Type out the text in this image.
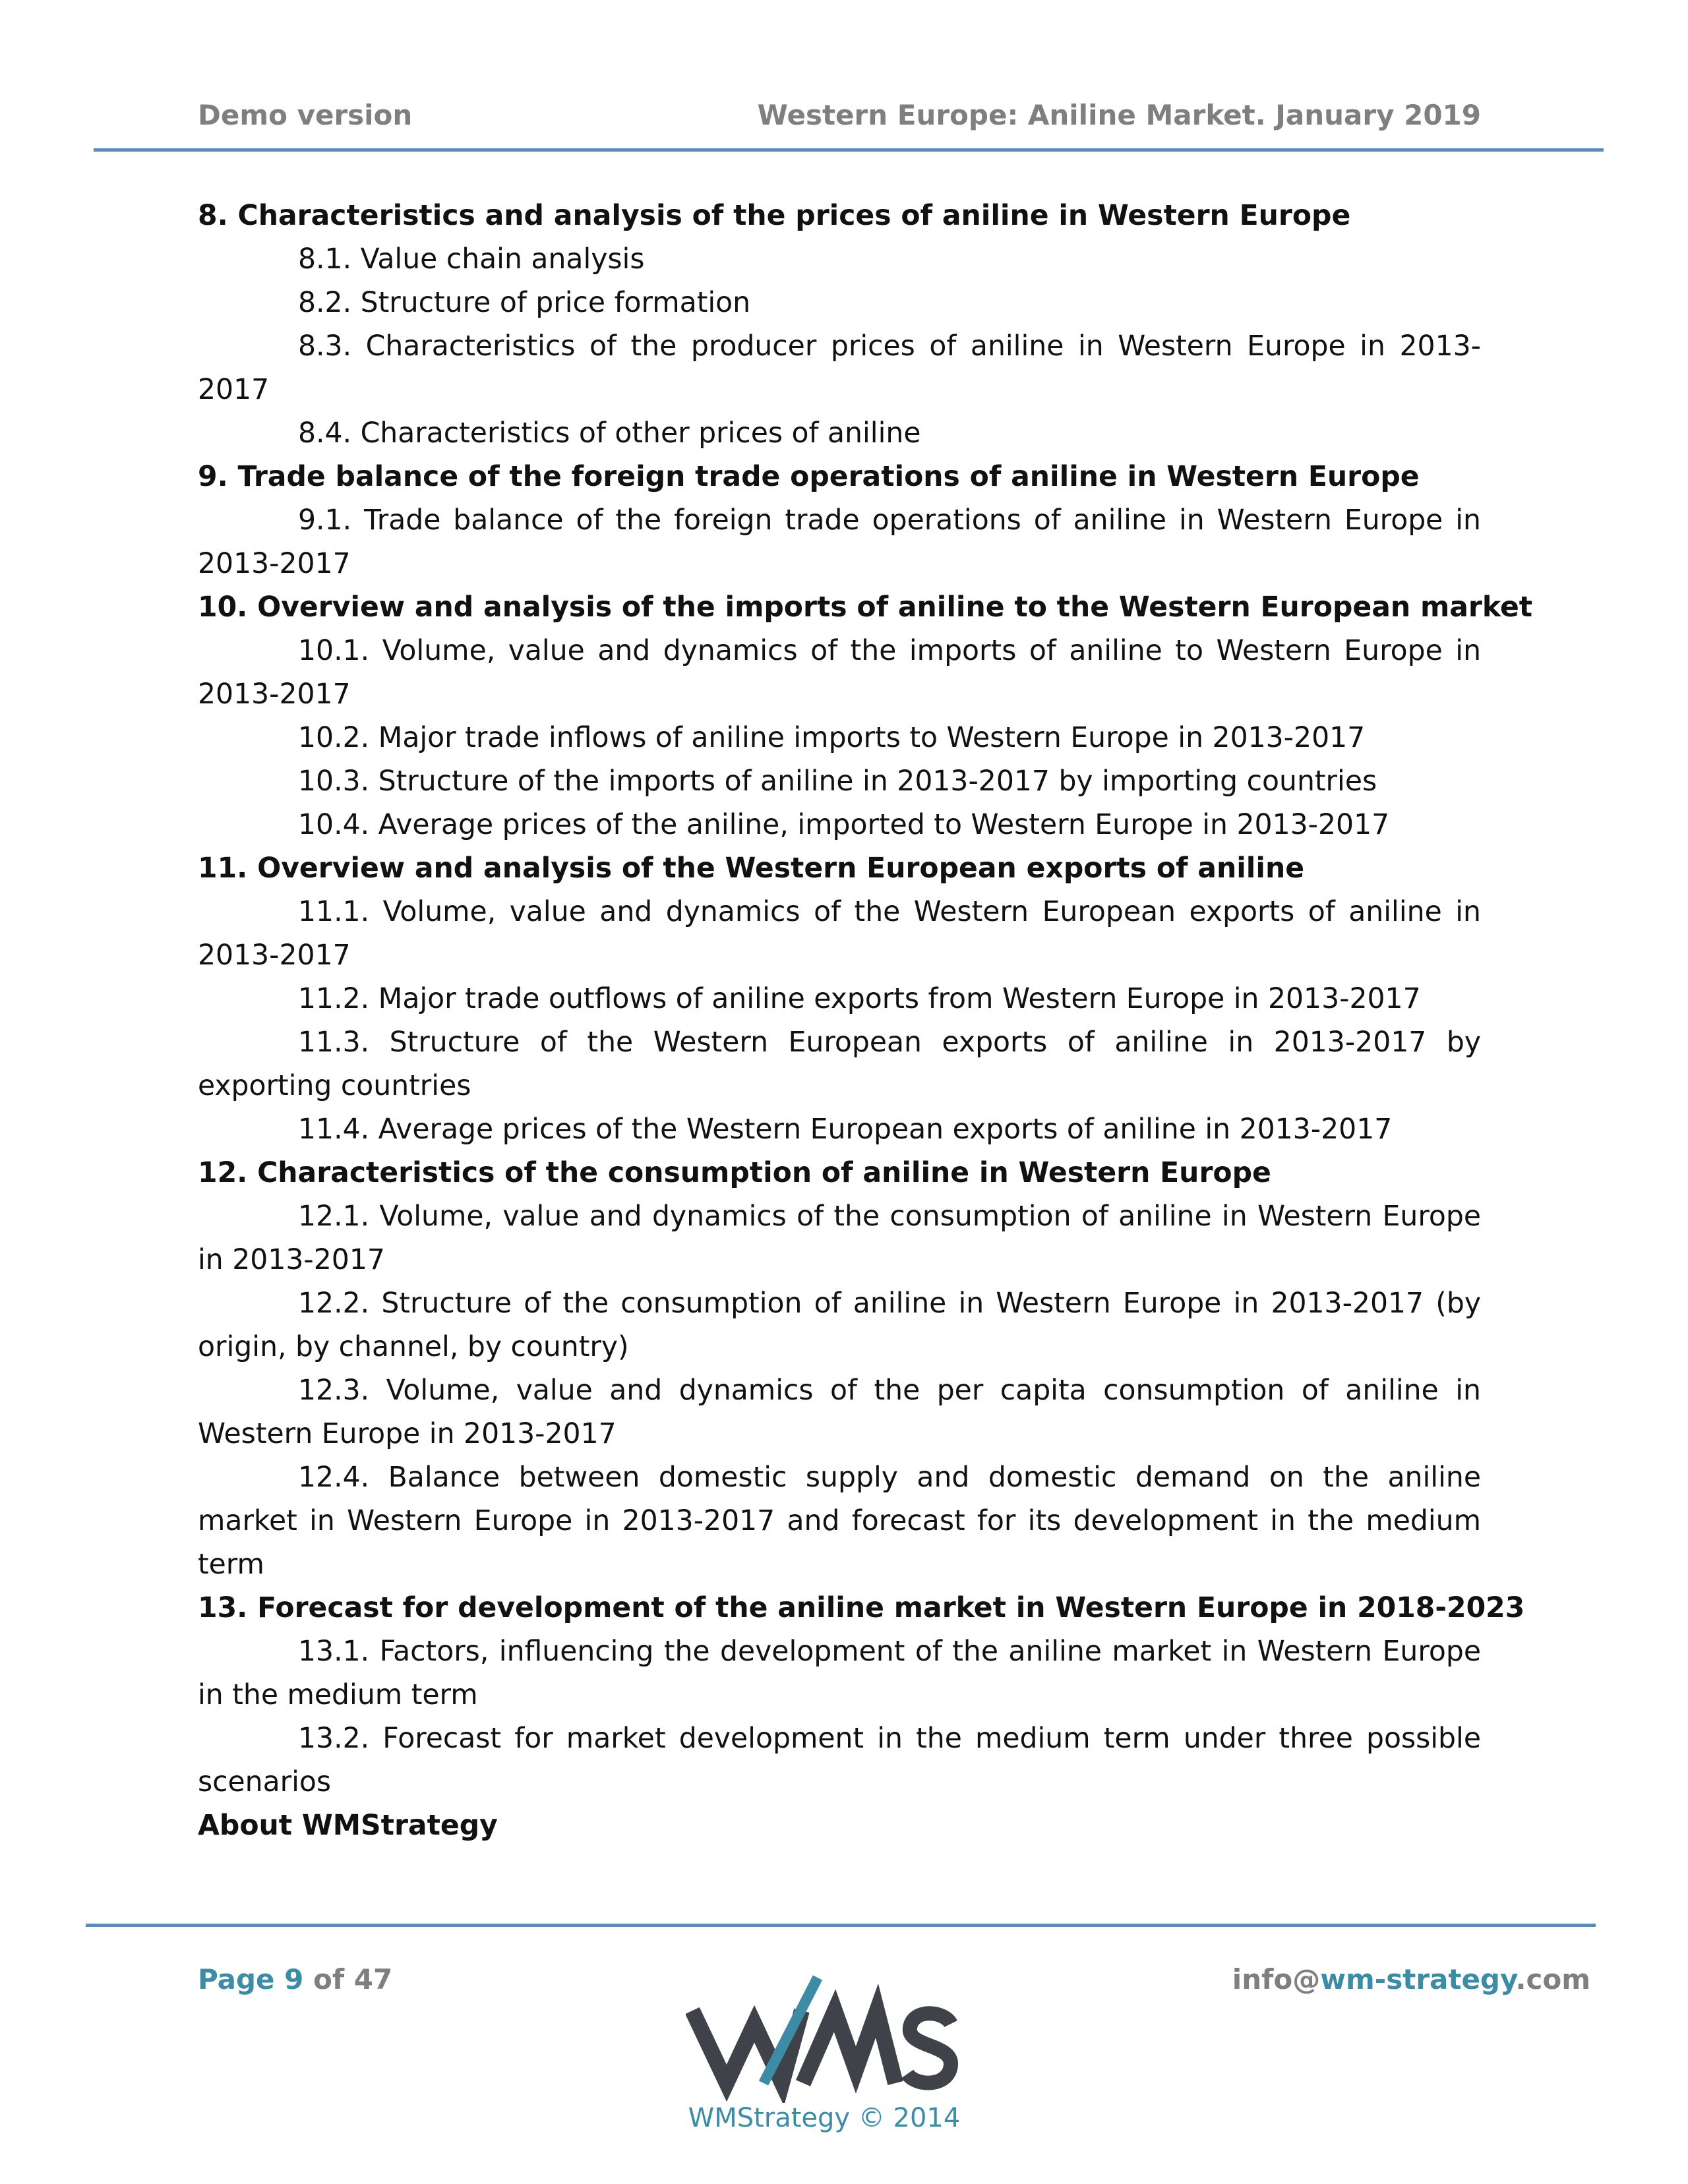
Demo version	Western Europe: Aniline Market. January 2019
8. Characteristics and analysis of the prices of aniline in Western Europe
8.1. Value chain analysis
8.2. Structure of price formation
8.3. Characteristics of the producer prices of aniline in Western Europe in 2013-2017
8.4. Characteristics of other prices of aniline
9. Trade balance of the foreign trade operations of aniline in Western Europe
9.1. Trade balance of the foreign trade operations of aniline in Western Europe in 2013-2017
10. Overview and analysis of the imports of aniline to the Western European market
10.1. Volume, value and dynamics of the imports of aniline to Western Europe in 2013-2017
10.2. Major trade inflows of aniline imports to Western Europe in 2013-2017
10.3. Structure of the imports of aniline in 2013-2017 by importing countries
10.4. Average prices of the aniline, imported to Western Europe in 2013-2017
11. Overview and analysis of the Western European exports of aniline
11.1. Volume, value and dynamics of the Western European exports of aniline in 2013-2017
11.2. Major trade outflows of aniline exports from Western Europe in 2013-2017
11.3. Structure of the Western European exports of aniline in 2013-2017 by exporting countries
11.4. Average prices of the Western European exports of aniline in 2013-2017
12. Characteristics of the consumption of aniline in Western Europe
12.1. Volume, value and dynamics of the consumption of aniline in Western Europe in 2013-2017
12.2. Structure of the consumption of aniline in Western Europe in 2013-2017 (by origin, by channel, by country)
12.3. Volume, value and dynamics of the per capita consumption of aniline in Western Europe in 2013-2017
12.4. Balance between domestic supply and domestic demand on the aniline market in Western Europe in 2013-2017 and forecast for its development in the medium term
13. Forecast for development of the aniline market in Western Europe in 2018-2023
13.1. Factors, influencing the development of the aniline market in Western Europe in the medium term
13.2. Forecast for market development in the medium term under three possible scenarios
About WMStrategy
Page 9 of 47	info@wm-strategy.com
WMStrategy © 2014
